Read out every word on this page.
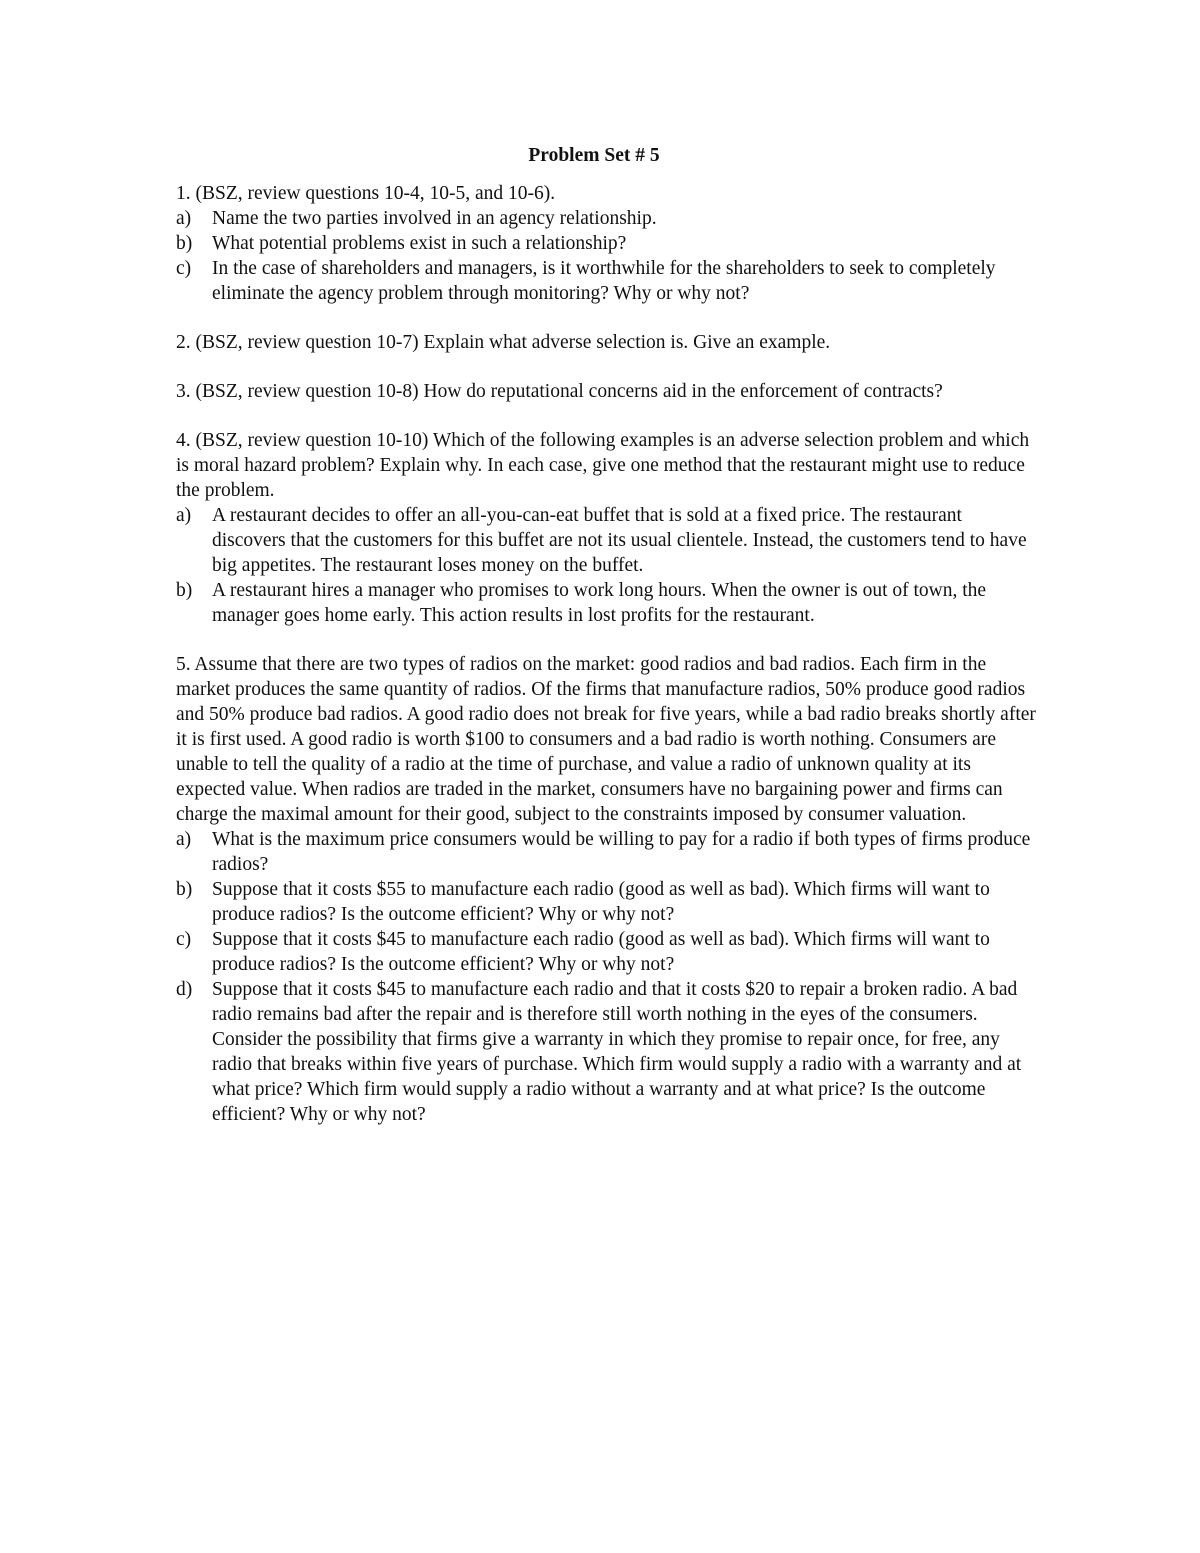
Problem Set # 5

1. (BSZ, review questions 10-4, 10-5, and 10-6).

a)	Name the two parties involved in an agency relationship.
b)	What potential problems exist in such a relationship?
c)	In the case of shareholders and managers, is it worthwhile for the shareholders to seek to completely eliminate the agency problem through monitoring? Why or why not?

2. (BSZ, review question 10-7) Explain what adverse selection is. Give an example.

3. (BSZ, review question 10-8) How do reputational concerns aid in the enforcement of contracts?

4. (BSZ, review question 10-10) Which of the following examples is an adverse selection problem and which is moral hazard problem? Explain why. In each case, give one method that the restaurant might use to reduce the problem.

a)	A restaurant decides to offer an all-you-can-eat buffet that is sold at a fixed price. The restaurant discovers that the customers for this buffet are not its usual clientele. Instead, the customers tend to have big appetites. The restaurant loses money on the buffet.
b)	A restaurant hires a manager who promises to work long hours. When the owner is out of town, the manager goes home early. This action results in lost profits for the restaurant.

5. Assume that there are two types of radios on the market: good radios and bad radios. Each firm in the market produces the same quantity of radios. Of the firms that manufacture radios, 50% produce good radios and 50% produce bad radios. A good radio does not break for five years, while a bad radio breaks shortly after it is first used. A good radio is worth $100 to consumers and a bad radio is worth nothing. Consumers are unable to tell the quality of a radio at the time of purchase, and value a radio of unknown quality at its expected value. When radios are traded in the market, consumers have no bargaining power and firms can charge the maximal amount for their good, subject to the constraints imposed by consumer valuation.

a)	What is the maximum price consumers would be willing to pay for a radio if both types of firms produce radios?
b)	Suppose that it costs $55 to manufacture each radio (good as well as bad). Which firms will want to produce radios? Is the outcome efficient? Why or why not?
c)	Suppose that it costs $45 to manufacture each radio (good as well as bad). Which firms will want to produce radios? Is the outcome efficient? Why or why not?
d)	Suppose that it costs $45 to manufacture each radio and that it costs $20 to repair a broken radio. A bad radio remains bad after the repair and is therefore still worth nothing in the eyes of the consumers. Consider the possibility that firms give a warranty in which they promise to repair once, for free, any radio that breaks within five years of purchase. Which firm would supply a radio with a warranty and at what price? Which firm would supply a radio without a warranty and at what price? Is the outcome efficient? Why or why not?
